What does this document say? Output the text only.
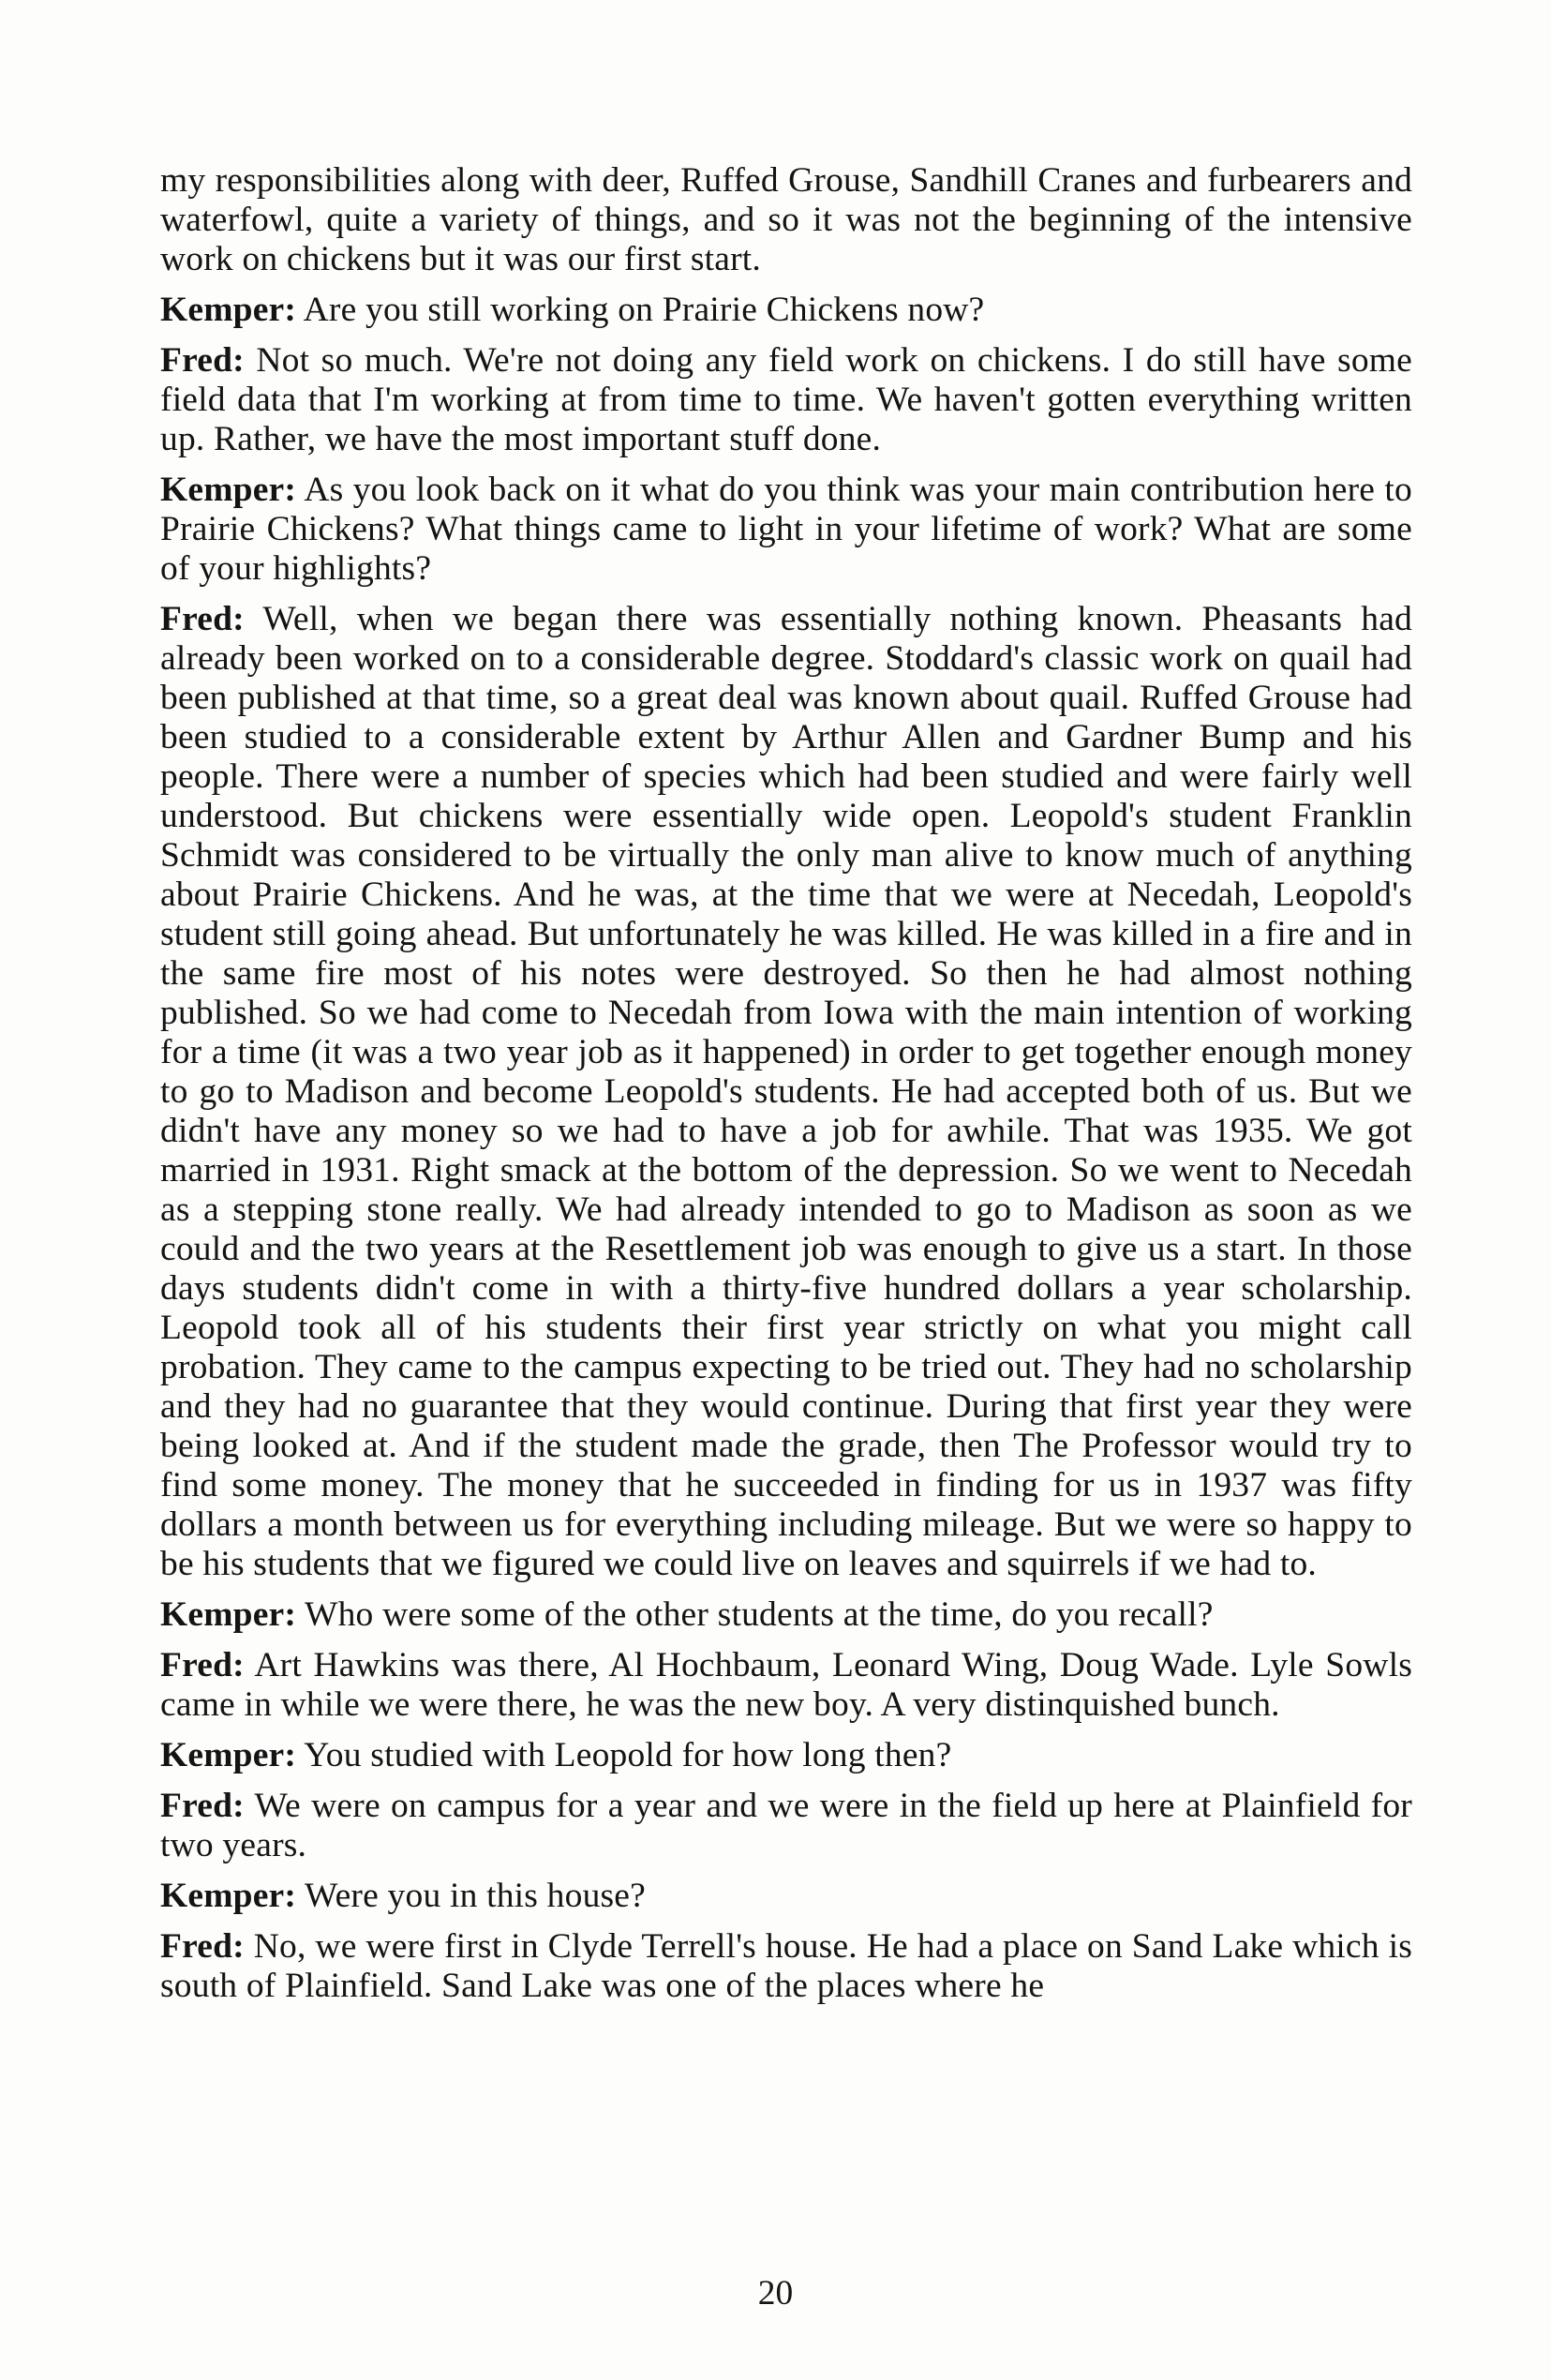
my responsibilities along with deer, Ruffed Grouse, Sandhill Cranes and furbearers and waterfowl, quite a variety of things, and so it was not the beginning of the intensive work on chickens but it was our first start.

Kemper: Are you still working on Prairie Chickens now?

Fred: Not so much. We're not doing any field work on chickens. I do still have some field data that I'm working at from time to time. We haven't gotten everything written up. Rather, we have the most important stuff done.

Kemper: As you look back on it what do you think was your main contribution here to Prairie Chickens? What things came to light in your lifetime of work? What are some of your highlights?

Fred: Well, when we began there was essentially nothing known. Pheasants had already been worked on to a considerable degree. Stoddard's classic work on quail had been published at that time, so a great deal was known about quail. Ruffed Grouse had been studied to a considerable extent by Arthur Allen and Gardner Bump and his people. There were a number of species which had been studied and were fairly well understood. But chickens were essentially wide open. Leopold's student Franklin Schmidt was considered to be virtually the only man alive to know much of anything about Prairie Chickens. And he was, at the time that we were at Necedah, Leopold's student still going ahead. But unfortunately he was killed. He was killed in a fire and in the same fire most of his notes were destroyed. So then he had almost nothing published. So we had come to Necedah from Iowa with the main intention of working for a time (it was a two year job as it happened) in order to get together enough money to go to Madison and become Leopold's students. He had accepted both of us. But we didn't have any money so we had to have a job for awhile. That was 1935. We got married in 1931. Right smack at the bottom of the depression. So we went to Necedah as a stepping stone really. We had already intended to go to Madison as soon as we could and the two years at the Resettlement job was enough to give us a start. In those days students didn't come in with a thirty-five hundred dollars a year scholarship. Leopold took all of his students their first year strictly on what you might call probation. They came to the campus expecting to be tried out. They had no scholarship and they had no guarantee that they would continue. During that first year they were being looked at. And if the student made the grade, then The Professor would try to find some money. The money that he succeeded in finding for us in 1937 was fifty dollars a month between us for everything including mileage. But we were so happy to be his students that we figured we could live on leaves and squirrels if we had to.

Kemper: Who were some of the other students at the time, do you recall?

Fred: Art Hawkins was there, Al Hochbaum, Leonard Wing, Doug Wade. Lyle Sowls came in while we were there, he was the new boy. A very distinquished bunch.

Kemper: You studied with Leopold for how long then?

Fred: We were on campus for a year and we were in the field up here at Plainfield for two years.

Kemper: Were you in this house?

Fred: No, we were first in Clyde Terrell's house. He had a place on Sand Lake which is south of Plainfield. Sand Lake was one of the places where he

20
